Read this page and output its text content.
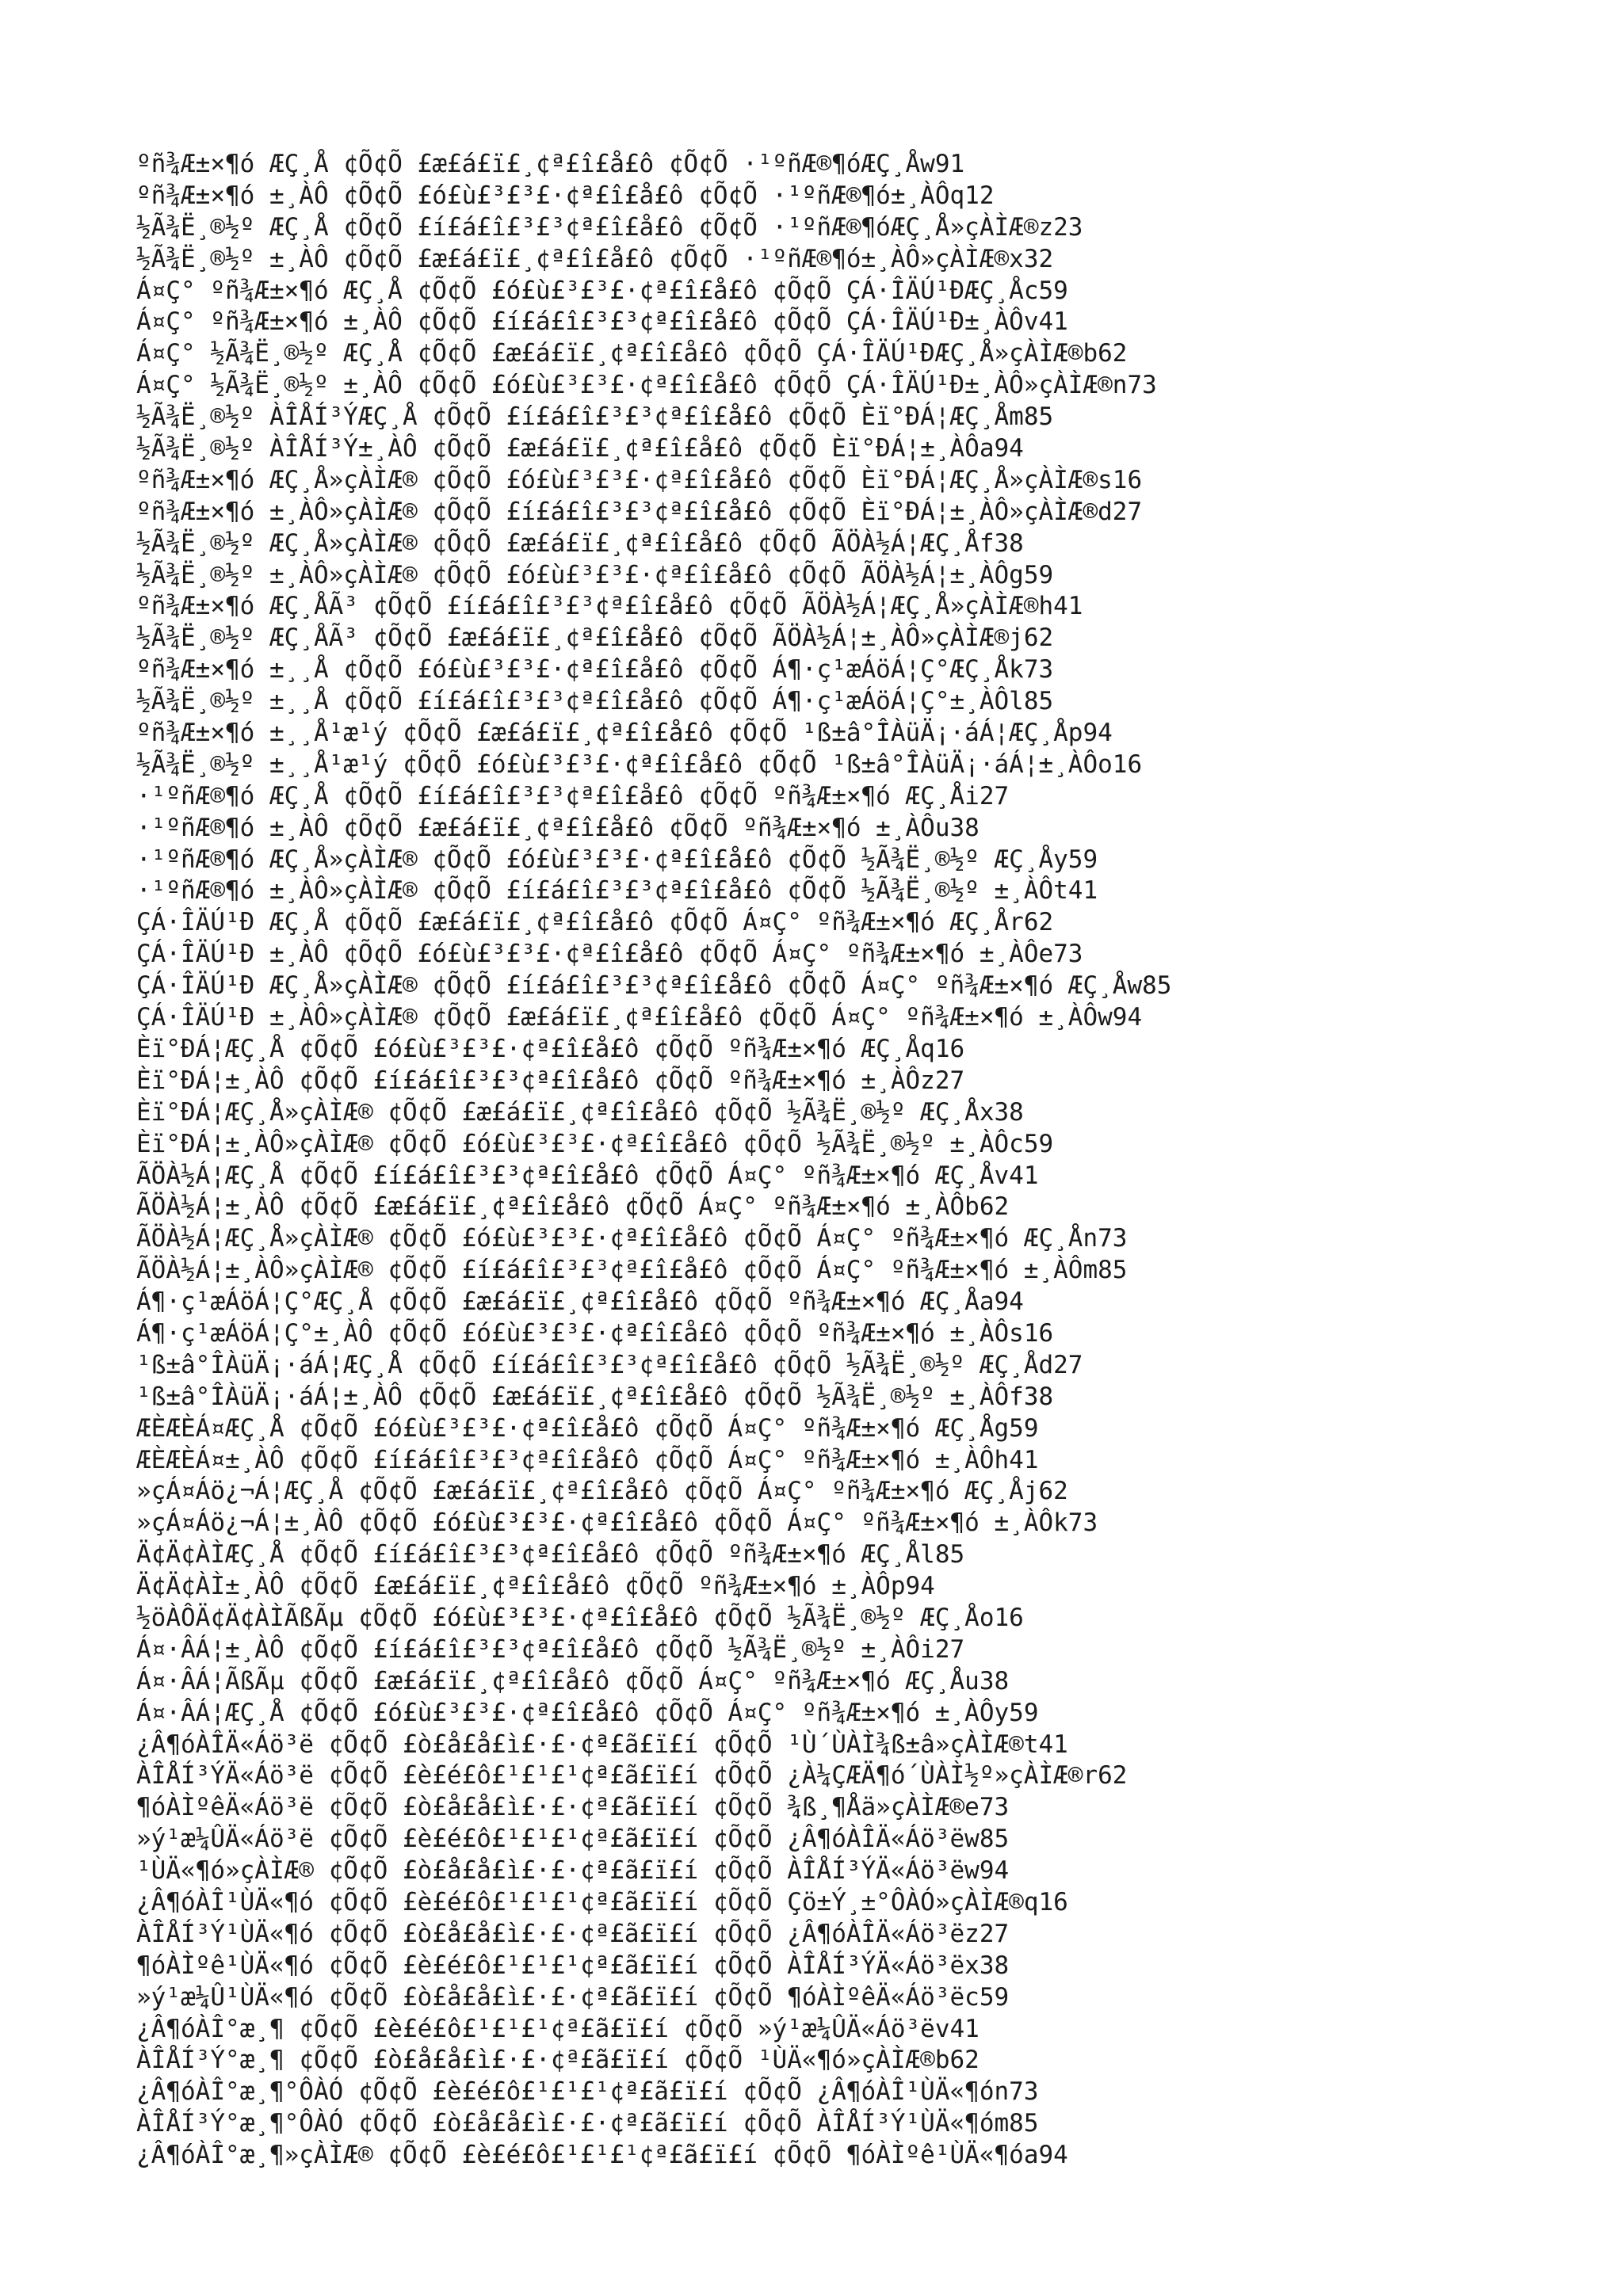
ºñ¾Æ±×¶ó ÆÇ¸Å ¢Õ¢Õ £æ£á£ï£¸¢ª£î£å£ô ¢Õ¢Õ ·¹ºñÆ®¶óÆÇ¸Åw91
ºñ¾Æ±×¶ó ±¸ÀÔ ¢Õ¢Õ £ó£ù£³£³£·¢ª£î£å£ô ¢Õ¢Õ ·¹ºñÆ®¶ó±¸ÀÔq12
½Ã¾Ë¸®½º ÆÇ¸Å ¢Õ¢Õ £í£á£î£³£³¢ª£î£å£ô ¢Õ¢Õ ·¹ºñÆ®¶óÆÇ¸Å»çÀÌÆ®z23
½Ã¾Ë¸®½º ±¸ÀÔ ¢Õ¢Õ £æ£á£ï£¸¢ª£î£å£ô ¢Õ¢Õ ·¹ºñÆ®¶ó±¸ÀÔ»çÀÌÆ®x32
Á¤Ç° ºñ¾Æ±×¶ó ÆÇ¸Å ¢Õ¢Õ £ó£ù£³£³£·¢ª£î£å£ô ¢Õ¢Õ ÇÁ·ÎÄÚ¹ÐÆÇ¸Åc59
Á¤Ç° ºñ¾Æ±×¶ó ±¸ÀÔ ¢Õ¢Õ £í£á£î£³£³¢ª£î£å£ô ¢Õ¢Õ ÇÁ·ÎÄÚ¹Ð±¸ÀÔv41
Á¤Ç° ½Ã¾Ë¸®½º ÆÇ¸Å ¢Õ¢Õ £æ£á£ï£¸¢ª£î£å£ô ¢Õ¢Õ ÇÁ·ÎÄÚ¹ÐÆÇ¸Å»çÀÌÆ®b62
Á¤Ç° ½Ã¾Ë¸®½º ±¸ÀÔ ¢Õ¢Õ £ó£ù£³£³£·¢ª£î£å£ô ¢Õ¢Õ ÇÁ·ÎÄÚ¹Ð±¸ÀÔ»çÀÌÆ®n73
½Ã¾Ë¸®½º ÀÎÅÍ³ÝÆÇ¸Å ¢Õ¢Õ £í£á£î£³£³¢ª£î£å£ô ¢Õ¢Õ Èï°ÐÁ¦ÆÇ¸Åm85
½Ã¾Ë¸®½º ÀÎÅÍ³Ý±¸ÀÔ ¢Õ¢Õ £æ£á£ï£¸¢ª£î£å£ô ¢Õ¢Õ Èï°ÐÁ¦±¸ÀÔa94
ºñ¾Æ±×¶ó ÆÇ¸Å»çÀÌÆ® ¢Õ¢Õ £ó£ù£³£³£·¢ª£î£å£ô ¢Õ¢Õ Èï°ÐÁ¦ÆÇ¸Å»çÀÌÆ®s16
ºñ¾Æ±×¶ó ±¸ÀÔ»çÀÌÆ® ¢Õ¢Õ £í£á£î£³£³¢ª£î£å£ô ¢Õ¢Õ Èï°ÐÁ¦±¸ÀÔ»çÀÌÆ®d27
½Ã¾Ë¸®½º ÆÇ¸Å»çÀÌÆ® ¢Õ¢Õ £æ£á£ï£¸¢ª£î£å£ô ¢Õ¢Õ ÃÖÀ½Á¦ÆÇ¸Åf38
½Ã¾Ë¸®½º ±¸ÀÔ»çÀÌÆ® ¢Õ¢Õ £ó£ù£³£³£·¢ª£î£å£ô ¢Õ¢Õ ÃÖÀ½Á¦±¸ÀÔg59
ºñ¾Æ±×¶ó ÆÇ¸ÅÃ³ ¢Õ¢Õ £í£á£î£³£³¢ª£î£å£ô ¢Õ¢Õ ÃÖÀ½Á¦ÆÇ¸Å»çÀÌÆ®h41
½Ã¾Ë¸®½º ÆÇ¸ÅÃ³ ¢Õ¢Õ £æ£á£ï£¸¢ª£î£å£ô ¢Õ¢Õ ÃÖÀ½Á¦±¸ÀÔ»çÀÌÆ®j62
ºñ¾Æ±×¶ó ±¸¸Å ¢Õ¢Õ £ó£ù£³£³£·¢ª£î£å£ô ¢Õ¢Õ Á¶·ç¹æÁöÁ¦Ç°ÆÇ¸Åk73
½Ã¾Ë¸®½º ±¸¸Å ¢Õ¢Õ £í£á£î£³£³¢ª£î£å£ô ¢Õ¢Õ Á¶·ç¹æÁöÁ¦Ç°±¸ÀÔl85
ºñ¾Æ±×¶ó ±¸¸Å¹æ¹ý ¢Õ¢Õ £æ£á£ï£¸¢ª£î£å£ô ¢Õ¢Õ ¹ß±â°ÎÀüÄ¡·áÁ¦ÆÇ¸Åp94
½Ã¾Ë¸®½º ±¸¸Å¹æ¹ý ¢Õ¢Õ £ó£ù£³£³£·¢ª£î£å£ô ¢Õ¢Õ ¹ß±â°ÎÀüÄ¡·áÁ¦±¸ÀÔo16
·¹ºñÆ®¶ó ÆÇ¸Å ¢Õ¢Õ £í£á£î£³£³¢ª£î£å£ô ¢Õ¢Õ ºñ¾Æ±×¶ó ÆÇ¸Åi27
·¹ºñÆ®¶ó ±¸ÀÔ ¢Õ¢Õ £æ£á£ï£¸¢ª£î£å£ô ¢Õ¢Õ ºñ¾Æ±×¶ó ±¸ÀÔu38
·¹ºñÆ®¶ó ÆÇ¸Å»çÀÌÆ® ¢Õ¢Õ £ó£ù£³£³£·¢ª£î£å£ô ¢Õ¢Õ ½Ã¾Ë¸®½º ÆÇ¸Åy59
·¹ºñÆ®¶ó ±¸ÀÔ»çÀÌÆ® ¢Õ¢Õ £í£á£î£³£³¢ª£î£å£ô ¢Õ¢Õ ½Ã¾Ë¸®½º ±¸ÀÔt41
ÇÁ·ÎÄÚ¹Ð ÆÇ¸Å ¢Õ¢Õ £æ£á£ï£¸¢ª£î£å£ô ¢Õ¢Õ Á¤Ç° ºñ¾Æ±×¶ó ÆÇ¸År62
ÇÁ·ÎÄÚ¹Ð ±¸ÀÔ ¢Õ¢Õ £ó£ù£³£³£·¢ª£î£å£ô ¢Õ¢Õ Á¤Ç° ºñ¾Æ±×¶ó ±¸ÀÔe73
ÇÁ·ÎÄÚ¹Ð ÆÇ¸Å»çÀÌÆ® ¢Õ¢Õ £í£á£î£³£³¢ª£î£å£ô ¢Õ¢Õ Á¤Ç° ºñ¾Æ±×¶ó ÆÇ¸Åw85
ÇÁ·ÎÄÚ¹Ð ±¸ÀÔ»çÀÌÆ® ¢Õ¢Õ £æ£á£ï£¸¢ª£î£å£ô ¢Õ¢Õ Á¤Ç° ºñ¾Æ±×¶ó ±¸ÀÔw94
Èï°ÐÁ¦ÆÇ¸Å ¢Õ¢Õ £ó£ù£³£³£·¢ª£î£å£ô ¢Õ¢Õ ºñ¾Æ±×¶ó ÆÇ¸Åq16
Èï°ÐÁ¦±¸ÀÔ ¢Õ¢Õ £í£á£î£³£³¢ª£î£å£ô ¢Õ¢Õ ºñ¾Æ±×¶ó ±¸ÀÔz27
Èï°ÐÁ¦ÆÇ¸Å»çÀÌÆ® ¢Õ¢Õ £æ£á£ï£¸¢ª£î£å£ô ¢Õ¢Õ ½Ã¾Ë¸®½º ÆÇ¸Åx38
Èï°ÐÁ¦±¸ÀÔ»çÀÌÆ® ¢Õ¢Õ £ó£ù£³£³£·¢ª£î£å£ô ¢Õ¢Õ ½Ã¾Ë¸®½º ±¸ÀÔc59
ÃÖÀ½Á¦ÆÇ¸Å ¢Õ¢Õ £í£á£î£³£³¢ª£î£å£ô ¢Õ¢Õ Á¤Ç° ºñ¾Æ±×¶ó ÆÇ¸Åv41
ÃÖÀ½Á¦±¸ÀÔ ¢Õ¢Õ £æ£á£ï£¸¢ª£î£å£ô ¢Õ¢Õ Á¤Ç° ºñ¾Æ±×¶ó ±¸ÀÔb62
ÃÖÀ½Á¦ÆÇ¸Å»çÀÌÆ® ¢Õ¢Õ £ó£ù£³£³£·¢ª£î£å£ô ¢Õ¢Õ Á¤Ç° ºñ¾Æ±×¶ó ÆÇ¸Ån73
ÃÖÀ½Á¦±¸ÀÔ»çÀÌÆ® ¢Õ¢Õ £í£á£î£³£³¢ª£î£å£ô ¢Õ¢Õ Á¤Ç° ºñ¾Æ±×¶ó ±¸ÀÔm85
Á¶·ç¹æÁöÁ¦Ç°ÆÇ¸Å ¢Õ¢Õ £æ£á£ï£¸¢ª£î£å£ô ¢Õ¢Õ ºñ¾Æ±×¶ó ÆÇ¸Åa94
Á¶·ç¹æÁöÁ¦Ç°±¸ÀÔ ¢Õ¢Õ £ó£ù£³£³£·¢ª£î£å£ô ¢Õ¢Õ ºñ¾Æ±×¶ó ±¸ÀÔs16
¹ß±â°ÎÀüÄ¡·áÁ¦ÆÇ¸Å ¢Õ¢Õ £í£á£î£³£³¢ª£î£å£ô ¢Õ¢Õ ½Ã¾Ë¸®½º ÆÇ¸Åd27
¹ß±â°ÎÀüÄ¡·áÁ¦±¸ÀÔ ¢Õ¢Õ £æ£á£ï£¸¢ª£î£å£ô ¢Õ¢Õ ½Ã¾Ë¸®½º ±¸ÀÔf38
ÆÈÆÈÁ¤ÆÇ¸Å ¢Õ¢Õ £ó£ù£³£³£·¢ª£î£å£ô ¢Õ¢Õ Á¤Ç° ºñ¾Æ±×¶ó ÆÇ¸Åg59
ÆÈÆÈÁ¤±¸ÀÔ ¢Õ¢Õ £í£á£î£³£³¢ª£î£å£ô ¢Õ¢Õ Á¤Ç° ºñ¾Æ±×¶ó ±¸ÀÔh41
»çÁ¤Áö¿¬Á¦ÆÇ¸Å ¢Õ¢Õ £æ£á£ï£¸¢ª£î£å£ô ¢Õ¢Õ Á¤Ç° ºñ¾Æ±×¶ó ÆÇ¸Åj62
»çÁ¤Áö¿¬Á¦±¸ÀÔ ¢Õ¢Õ £ó£ù£³£³£·¢ª£î£å£ô ¢Õ¢Õ Á¤Ç° ºñ¾Æ±×¶ó ±¸ÀÔk73
Ä¢Ä¢ÀÌÆÇ¸Å ¢Õ¢Õ £í£á£î£³£³¢ª£î£å£ô ¢Õ¢Õ ºñ¾Æ±×¶ó ÆÇ¸Ål85
Ä¢Ä¢ÀÌ±¸ÀÔ ¢Õ¢Õ £æ£á£ï£¸¢ª£î£å£ô ¢Õ¢Õ ºñ¾Æ±×¶ó ±¸ÀÔp94
½öÀÔÄ¢Ä¢ÀÌÃßÃµ ¢Õ¢Õ £ó£ù£³£³£·¢ª£î£å£ô ¢Õ¢Õ ½Ã¾Ë¸®½º ÆÇ¸Åo16
Á¤·ÂÁ¦±¸ÀÔ ¢Õ¢Õ £í£á£î£³£³¢ª£î£å£ô ¢Õ¢Õ ½Ã¾Ë¸®½º ±¸ÀÔi27
Á¤·ÂÁ¦ÃßÃµ ¢Õ¢Õ £æ£á£ï£¸¢ª£î£å£ô ¢Õ¢Õ Á¤Ç° ºñ¾Æ±×¶ó ÆÇ¸Åu38
Á¤·ÂÁ¦ÆÇ¸Å ¢Õ¢Õ £ó£ù£³£³£·¢ª£î£å£ô ¢Õ¢Õ Á¤Ç° ºñ¾Æ±×¶ó ±¸ÀÔy59
¿Â¶óÀÎÄ«Áö³ë ¢Õ¢Õ £ò£å£å£ì£·£·¢ª£ã£ï£í ¢Õ¢Õ ¹Ù´ÙÀÌ¾ß±â»çÀÌÆ®t41
ÀÎÅÍ³ÝÄ«Áö³ë ¢Õ¢Õ £è£é£ô£¹£¹£¹¢ª£ã£ï£í ¢Õ¢Õ ¿À¼ÇÆÄ¶ó´ÙÀÌ½º»çÀÌÆ®r62
¶óÀÌºêÄ«Áö³ë ¢Õ¢Õ £ò£å£å£ì£·£·¢ª£ã£ï£í ¢Õ¢Õ ¾ß¸¶Åä»çÀÌÆ®e73
»ý¹æ¼ÛÄ«Áö³ë ¢Õ¢Õ £è£é£ô£¹£¹£¹¢ª£ã£ï£í ¢Õ¢Õ ¿Â¶óÀÎÄ«Áö³ëw85
¹ÙÄ«¶ó»çÀÌÆ® ¢Õ¢Õ £ò£å£å£ì£·£·¢ª£ã£ï£í ¢Õ¢Õ ÀÎÅÍ³ÝÄ«Áö³ëw94
¿Â¶óÀÎ¹ÙÄ«¶ó ¢Õ¢Õ £è£é£ô£¹£¹£¹¢ª£ã£ï£í ¢Õ¢Õ Çö±Ý¸±°ÔÀÓ»çÀÌÆ®q16
ÀÎÅÍ³Ý¹ÙÄ«¶ó ¢Õ¢Õ £ò£å£å£ì£·£·¢ª£ã£ï£í ¢Õ¢Õ ¿Â¶óÀÎÄ«Áö³ëz27
¶óÀÌºê¹ÙÄ«¶ó ¢Õ¢Õ £è£é£ô£¹£¹£¹¢ª£ã£ï£í ¢Õ¢Õ ÀÎÅÍ³ÝÄ«Áö³ëx38
»ý¹æ¼Û¹ÙÄ«¶ó ¢Õ¢Õ £ò£å£å£ì£·£·¢ª£ã£ï£í ¢Õ¢Õ ¶óÀÌºêÄ«Áö³ëc59
¿Â¶óÀÎ°æ¸¶ ¢Õ¢Õ £è£é£ô£¹£¹£¹¢ª£ã£ï£í ¢Õ¢Õ »ý¹æ¼ÛÄ«Áö³ëv41
ÀÎÅÍ³Ý°æ¸¶ ¢Õ¢Õ £ò£å£å£ì£·£·¢ª£ã£ï£í ¢Õ¢Õ ¹ÙÄ«¶ó»çÀÌÆ®b62
¿Â¶óÀÎ°æ¸¶°ÔÀÓ ¢Õ¢Õ £è£é£ô£¹£¹£¹¢ª£ã£ï£í ¢Õ¢Õ ¿Â¶óÀÎ¹ÙÄ«¶ón73
ÀÎÅÍ³Ý°æ¸¶°ÔÀÓ ¢Õ¢Õ £ò£å£å£ì£·£·¢ª£ã£ï£í ¢Õ¢Õ ÀÎÅÍ³Ý¹ÙÄ«¶óm85
¿Â¶óÀÎ°æ¸¶»çÀÌÆ® ¢Õ¢Õ £è£é£ô£¹£¹£¹¢ª£ã£ï£í ¢Õ¢Õ ¶óÀÌºê¹ÙÄ«¶óa94
